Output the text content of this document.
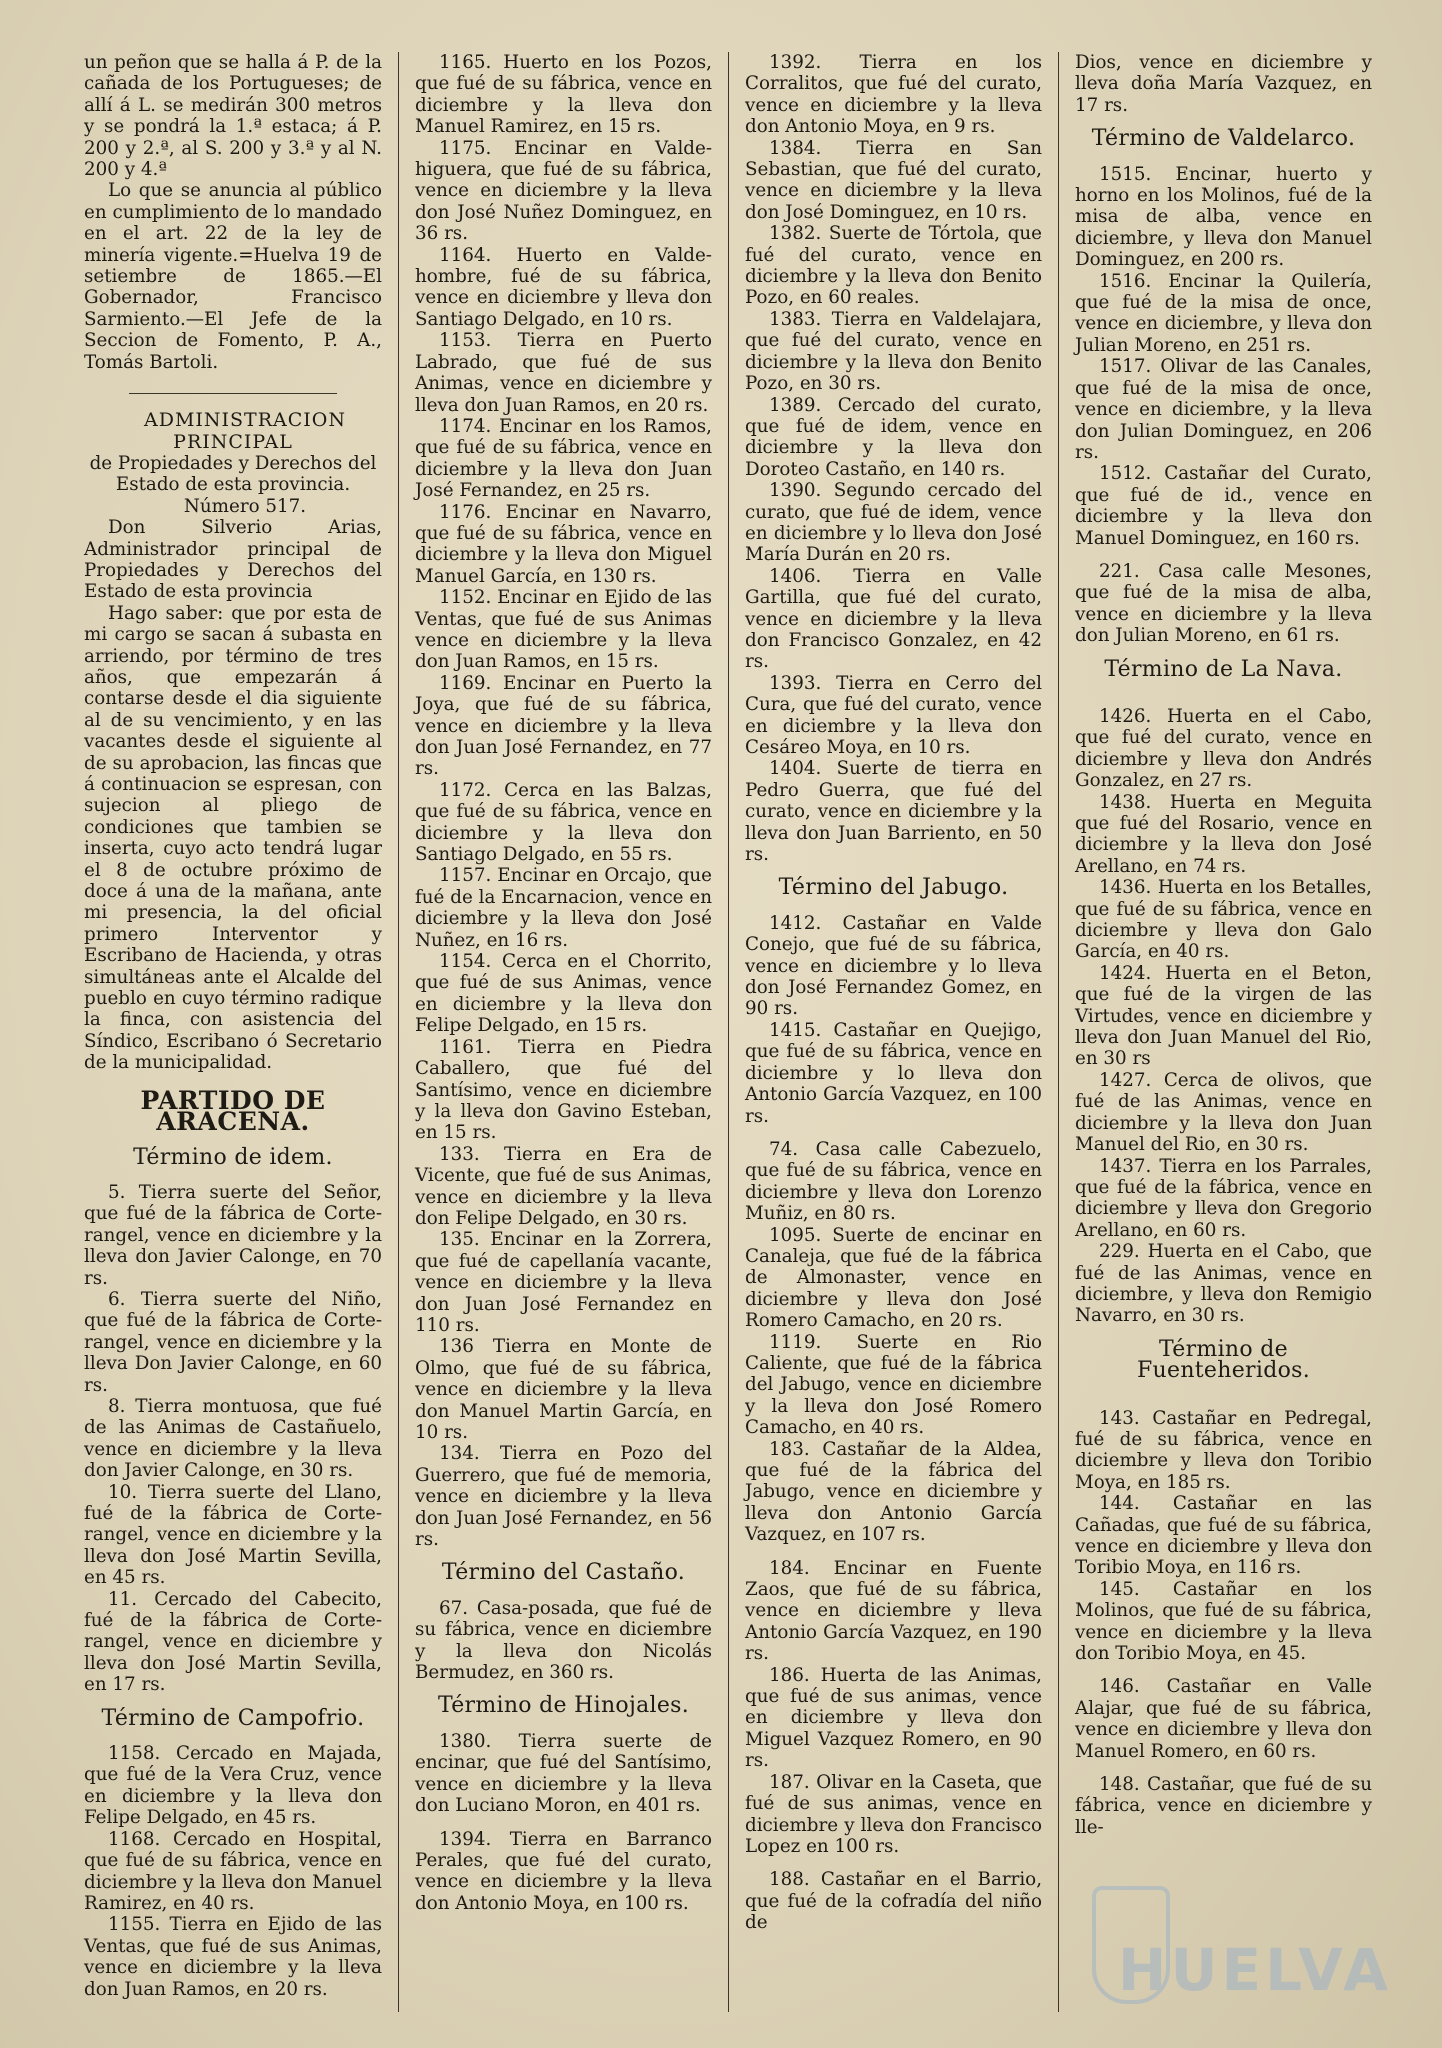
un peñon que se halla á P. de la cañada de los Portugueses; de allí á L. se medirán 300 metros y se pondrá la 1.ª estaca; á P. 200 y 2.ª, al S. 200 y 3.ª y al N. 200 y 4.ª

Lo que se anuncia al público en cumplimiento de lo mandado en el art. 22 de la ley de minería vigente.=Huelva 19 de setiembre de 1865.—El Gobernador, Francisco Sarmiento.—El Jefe de la Seccion de Fomento, P. A., Tomás Bartoli.

ADMINISTRACION PRINCIPAL
de Propiedades y Derechos del Estado de esta provincia.

Número 517.

Don Silverio Arias, Administrador principal de Propiedades y Derechos del Estado de esta provincia

Hago saber: que por esta de mi cargo se sacan á subasta en arriendo, por término de tres años, que empezarán á contarse desde el dia siguiente al de su vencimiento, y en las vacantes desde el siguiente al de su aprobacion, las fincas que á continuacion se espresan, con sujecion al pliego de condiciones que tambien se inserta, cuyo acto tendrá lugar el 8 de octubre próximo de doce á una de la mañana, ante mi presencia, la del oficial primero Interventor y Escribano de Hacienda, y otras simultáneas ante el Alcalde del pueblo en cuyo término radique la finca, con asistencia del Síndico, Escribano ó Secretario de la municipalidad.

PARTIDO DE ARACENA.
Término de idem.

5. Tierra suerte del Señor, que fué de la fábrica de Corte-rangel, vence en diciembre y la lleva don Javier Calonge, en 70 rs.

6. Tierra suerte del Niño, que fué de la fábrica de Corte-rangel, vence en diciembre y la lleva Don Javier Calonge, en 60 rs.

8. Tierra montuosa, que fué de las Animas de Castañuelo, vence en diciembre y la lleva don Javier Calonge, en 30 rs.

10. Tierra suerte del Llano, fué de la fábrica de Corte-rangel, vence en diciembre y la lleva don José Martin Sevilla, en 45 rs.

11. Cercado del Cabecito, fué de la fábrica de Corte-rangel, vence en diciembre y lleva don José Martin Sevilla, en 17 rs.

Término de Campofrio.

1158. Cercado en Majada, que fué de la Vera Cruz, vence en diciembre y la lleva don Felipe Delgado, en 45 rs.

1168. Cercado en Hospital, que fué de su fábrica, vence en diciembre y la lleva don Manuel Ramirez, en 40 rs.

1155. Tierra en Ejido de las Ventas, que fué de sus Animas, vence en diciembre y la lleva don Juan Ramos, en 20 rs.

1165. Huerto en los Pozos, que fué de su fábrica, vence en diciembre y la lleva don Manuel Ramirez, en 15 rs.

1175. Encinar en Valde-higuera, que fué de su fábrica, vence en diciembre y la lleva don José Nuñez Dominguez, en 36 rs.

1164. Huerto en Valde-hombre, fué de su fábrica, vence en diciembre y lleva don Santiago Delgado, en 10 rs.

1153. Tierra en Puerto Labrado, que fué de sus Animas, vence en diciembre y lleva don Juan Ramos, en 20 rs.

1174. Encinar en los Ramos, que fué de su fábrica, vence en diciembre y la lleva don Juan José Fernandez, en 25 rs.

1176. Encinar en Navarro, que fué de su fábrica, vence en diciembre y la lleva don Miguel Manuel García, en 130 rs.

1152. Encinar en Ejido de las Ventas, que fué de sus Animas vence en diciembre y la lleva don Juan Ramos, en 15 rs.

1169. Encinar en Puerto la Joya, que fué de su fábrica, vence en diciembre y la lleva don Juan José Fernandez, en 77 rs.

1172. Cerca en las Balzas, que fué de su fábrica, vence en diciembre y la lleva don Santiago Delgado, en 55 rs.

1157. Encinar en Orcajo, que fué de la Encarnacion, vence en diciembre y la lleva don José Nuñez, en 16 rs.

1154. Cerca en el Chorrito, que fué de sus Animas, vence en diciembre y la lleva don Felipe Delgado, en 15 rs.

1161. Tierra en Piedra Caballero, que fué del Santísimo, vence en diciembre y la lleva don Gavino Esteban, en 15 rs.

133. Tierra en Era de Vicente, que fué de sus Animas, vence en diciembre y la lleva don Felipe Delgado, en 30 rs.

135. Encinar en la Zorrera, que fué de capellanía vacante, vence en diciembre y la lleva don Juan José Fernandez en 110 rs.

136 Tierra en Monte de Olmo, que fué de su fábrica, vence en diciembre y la lleva don Manuel Martin García, en 10 rs.

134. Tierra en Pozo del Guerrero, que fué de memoria, vence en diciembre y la lleva don Juan José Fernandez, en 56 rs.

Término del Castaño.

67. Casa-posada, que fué de su fábrica, vence en diciembre y la lleva don Nicolás Bermudez, en 360 rs.

Término de Hinojales.

1380. Tierra suerte de encinar, que fué del Santísimo, vence en diciembre y la lleva don Luciano Moron, en 401 rs.

1394. Tierra en Barranco Perales, que fué del curato, vence en diciembre y la lleva don Antonio Moya, en 100 rs.

1392. Tierra en los Corralitos, que fué del curato, vence en diciembre y la lleva don Antonio Moya, en 9 rs.

1384. Tierra en San Sebastian, que fué del curato, vence en diciembre y la lleva don José Dominguez, en 10 rs.

1382. Suerte de Tórtola, que fué del curato, vence en diciembre y la lleva don Benito Pozo, en 60 reales.

1383. Tierra en Valdelajara, que fué del curato, vence en diciembre y la lleva don Benito Pozo, en 30 rs.

1389. Cercado del curato, que fué de idem, vence en diciembre y la lleva don Doroteo Castaño, en 140 rs.

1390. Segundo cercado del curato, que fué de idem, vence en diciembre y lo lleva don José María Durán en 20 rs.

1406. Tierra en Valle Gartilla, que fué del curato, vence en diciembre y la lleva don Francisco Gonzalez, en 42 rs.

1393. Tierra en Cerro del Cura, que fué del curato, vence en diciembre y la lleva don Cesáreo Moya, en 10 rs.

1404. Suerte de tierra en Pedro Guerra, que fué del curato, vence en diciembre y la lleva don Juan Barriento, en 50 rs.

Término del Jabugo.

1412. Castañar en Valde Conejo, que fué de su fábrica, vence en diciembre y lo lleva don José Fernandez Gomez, en 90 rs.

1415. Castañar en Quejigo, que fué de su fábrica, vence en diciembre y lo lleva don Antonio García Vazquez, en 100 rs.

74. Casa calle Cabezuelo, que fué de su fábrica, vence en diciembre y lleva don Lorenzo Muñiz, en 80 rs.

1095. Suerte de encinar en Canaleja, que fué de la fábrica de Almonaster, vence en diciembre y lleva don José Romero Camacho, en 20 rs.

1119. Suerte en Rio Caliente, que fué de la fábrica del Jabugo, vence en diciembre y la lleva don José Romero Camacho, en 40 rs.

183. Castañar de la Aldea, que fué de la fábrica del Jabugo, vence en diciembre y lleva don Antonio García Vazquez, en 107 rs.

184. Encinar en Fuente Zaos, que fué de su fábrica, vence en diciembre y lleva Antonio García Vazquez, en 190 rs.

186. Huerta de las Animas, que fué de sus animas, vence en diciembre y lleva don Miguel Vazquez Romero, en 90 rs.

187. Olivar en la Caseta, que fué de sus animas, vence en diciembre y lleva don Francisco Lopez en 100 rs.

188. Castañar en el Barrio, que fué de la cofradía del niño de

Dios, vence en diciembre y lleva doña María Vazquez, en 17 rs.

Término de Valdelarco.

1515. Encinar, huerto y horno en los Molinos, fué de la misa de alba, vence en diciembre, y lleva don Manuel Dominguez, en 200 rs.

1516. Encinar la Quilería, que fué de la misa de once, vence en diciembre, y lleva don Julian Moreno, en 251 rs.

1517. Olivar de las Canales, que fué de la misa de once, vence en diciembre, y la lleva don Julian Dominguez, en 206 rs.

1512. Castañar del Curato, que fué de id., vence en diciembre y la lleva don Manuel Dominguez, en 160 rs.

221. Casa calle Mesones, que fué de la misa de alba, vence en diciembre y la lleva don Julian Moreno, en 61 rs.

Término de La Nava.

1426. Huerta en el Cabo, que fué del curato, vence en diciembre y lleva don Andrés Gonzalez, en 27 rs.

1438. Huerta en Meguita que fué del Rosario, vence en diciembre y la lleva don José Arellano, en 74 rs.

1436. Huerta en los Betalles, que fué de su fábrica, vence en diciembre y lleva don Galo García, en 40 rs.

1424. Huerta en el Beton, que fué de la virgen de las Virtudes, vence en diciembre y lleva don Juan Manuel del Rio, en 30 rs

1427. Cerca de olivos, que fué de las Animas, vence en diciembre y la lleva don Juan Manuel del Rio, en 30 rs.

1437. Tierra en los Parrales, que fué de la fábrica, vence en diciembre y lleva don Gregorio Arellano, en 60 rs.

229. Huerta en el Cabo, que fué de las Animas, vence en diciembre, y lleva don Remigio Navarro, en 30 rs.

Término de Fuenteheridos.

143. Castañar en Pedregal, fué de su fábrica, vence en diciembre y lleva don Toribio Moya, en 185 rs.

144. Castañar en las Cañadas, que fué de su fábrica, vence en diciembre y lleva don Toribio Moya, en 116 rs.

145. Castañar en los Molinos, que fué de su fábrica, vence en diciembre y la lleva don Toribio Moya, en 45.

146. Castañar en Valle Alajar, que fué de su fábrica, vence en diciembre y lleva don Manuel Romero, en 60 rs.

148. Castañar, que fué de su fábrica, vence en diciembre y lle-

HUELVA
